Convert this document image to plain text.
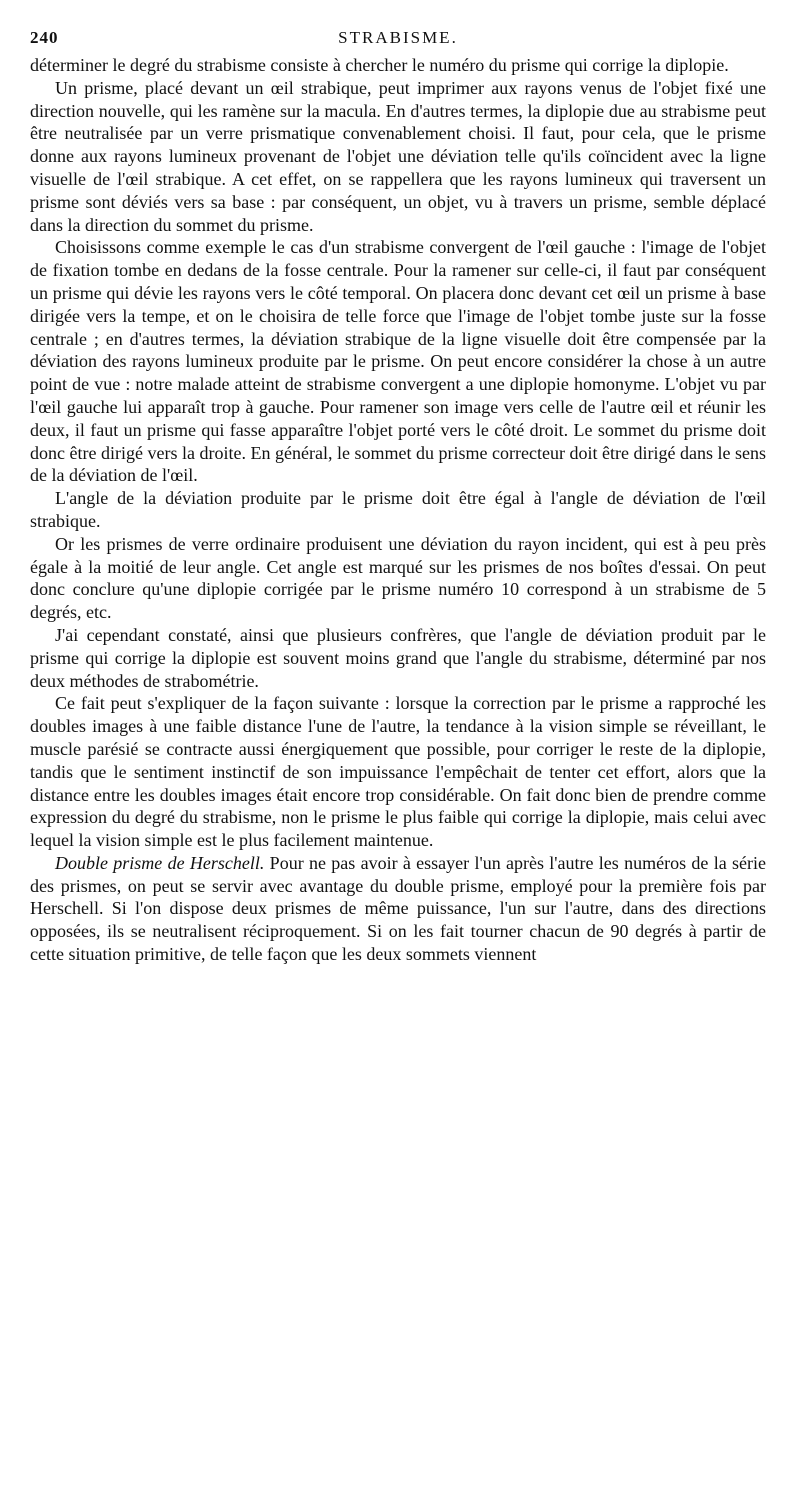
240	STRABISME.

déterminer le degré du strabisme consiste à chercher le numéro du prisme qui corrige la diplopie.

Un prisme, placé devant un œil strabique, peut imprimer aux rayons venus de l'objet fixé une direction nouvelle, qui les ramène sur la macula. En d'autres termes, la diplopie due au strabisme peut être neutralisée par un verre prismatique convenablement choisi. Il faut, pour cela, que le prisme donne aux rayons lumineux provenant de l'objet une déviation telle qu'ils coïncident avec la ligne visuelle de l'œil strabique. A cet effet, on se rappellera que les rayons lumineux qui traversent un prisme sont déviés vers sa base : par conséquent, un objet, vu à travers un prisme, semble déplacé dans la direction du sommet du prisme.

Choisissons comme exemple le cas d'un strabisme convergent de l'œil gauche : l'image de l'objet de fixation tombe en dedans de la fosse centrale. Pour la ramener sur celle-ci, il faut par conséquent un prisme qui dévie les rayons vers le côté temporal. On placera donc devant cet œil un prisme à base dirigée vers la tempe, et on le choisira de telle force que l'image de l'objet tombe juste sur la fosse centrale ; en d'autres termes, la déviation strabique de la ligne visuelle doit être compensée par la déviation des rayons lumineux produite par le prisme. On peut encore considérer la chose à un autre point de vue : notre malade atteint de strabisme convergent a une diplopie homonyme. L'objet vu par l'œil gauche lui apparaît trop à gauche. Pour ramener son image vers celle de l'autre œil et réunir les deux, il faut un prisme qui fasse apparaître l'objet porté vers le côté droit. Le sommet du prisme doit donc être dirigé vers la droite. En général, le sommet du prisme correcteur doit être dirigé dans le sens de la déviation de l'œil.

L'angle de la déviation produite par le prisme doit être égal à l'angle de déviation de l'œil strabique.

Or les prismes de verre ordinaire produisent une déviation du rayon incident, qui est à peu près égale à la moitié de leur angle. Cet angle est marqué sur les prismes de nos boîtes d'essai. On peut donc conclure qu'une diplopie corrigée par le prisme numéro 10 correspond à un strabisme de 5 degrés, etc.

J'ai cependant constaté, ainsi que plusieurs confrères, que l'angle de déviation produit par le prisme qui corrige la diplopie est souvent moins grand que l'angle du strabisme, déterminé par nos deux méthodes de strabométrie.

Ce fait peut s'expliquer de la façon suivante : lorsque la correction par le prisme a rapproché les doubles images à une faible distance l'une de l'autre, la tendance à la vision simple se réveillant, le muscle parésié se contracte aussi énergiquement que possible, pour corriger le reste de la diplopie, tandis que le sentiment instinctif de son impuissance l'empêchait de tenter cet effort, alors que la distance entre les doubles images était encore trop considérable. On fait donc bien de prendre comme expression du degré du strabisme, non le prisme le plus faible qui corrige la diplopie, mais celui avec lequel la vision simple est le plus facilement maintenue.

Double prisme de Herschell. Pour ne pas avoir à essayer l'un après l'autre les numéros de la série des prismes, on peut se servir avec avantage du double prisme, employé pour la première fois par Herschell. Si l'on dispose deux prismes de même puissance, l'un sur l'autre, dans des directions opposées, ils se neutralisent réciproquement. Si on les fait tourner chacun de 90 degrés à partir de cette situation primitive, de telle façon que les deux sommets viennent
